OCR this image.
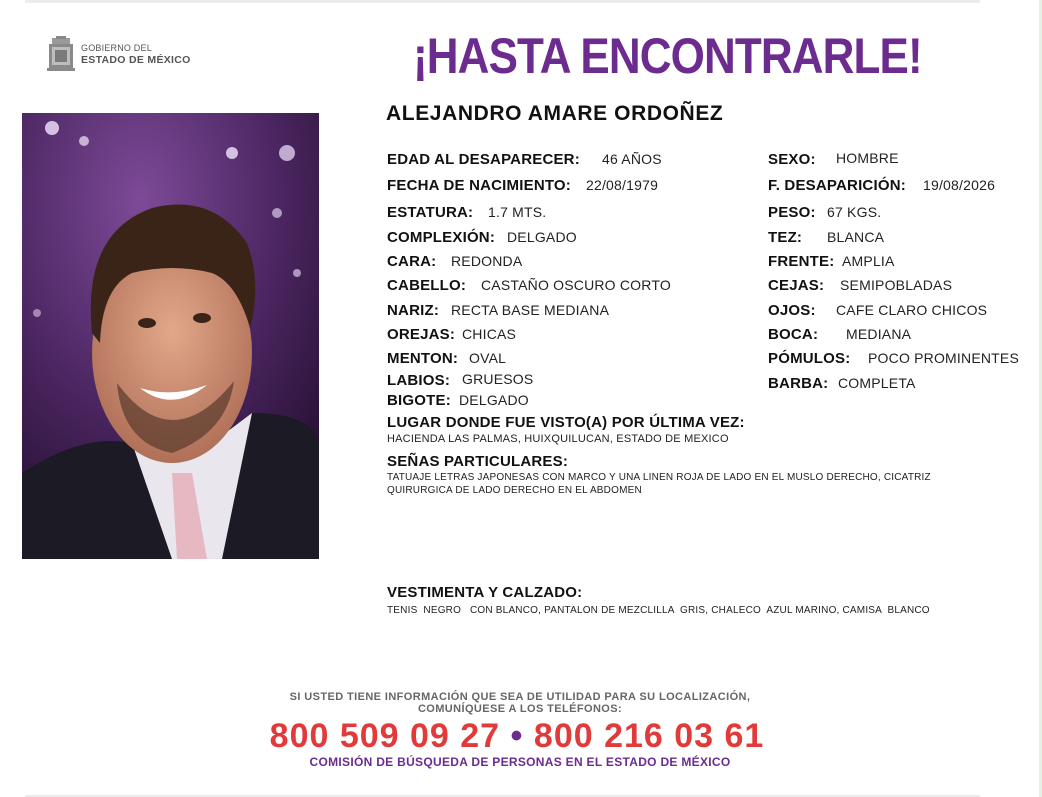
GOBIERNO DEL
ESTADO DE MÉXICO	¡HASTA ENCONTRARLE!
ALEJANDRO AMARE ORDOÑEZ
EDAD AL DESAPARECER: 46 AÑOS
FECHA DE NACIMIENTO: 22/08/1979
ESTATURA: 1.7 MTS.
COMPLEXIÓN: DELGADO
CARA: REDONDA
CABELLO: CASTAÑO OSCURO CORTO
NARIZ: RECTA BASE MEDIANA
OREJAS: CHICAS
MENTON: OVAL
LABIOS: GRUESOS
BIGOTE: DELGADO
SEXO: HOMBRE
F. DESAPARICIÓN: 19/08/2026
PESO: 67 KGS.
TEZ: BLANCA
FRENTE: AMPLIA
CEJAS: SEMIPOBLADAS
OJOS: CAFE CLARO CHICOS
BOCA: MEDIANA
PÓMULOS: POCO PROMINENTES
BARBA: COMPLETA
LUGAR DONDE FUE VISTO(A) POR ÚLTIMA VEZ:
HACIENDA LAS PALMAS, HUIXQUILUCAN, ESTADO DE MEXICO
SEÑAS PARTICULARES:
TATUAJE LETRAS JAPONESAS CON MARCO Y UNA LINEN ROJA DE LADO EN EL MUSLO DERECHO, CICATRIZ QUIRURGICA DE LADO DERECHO EN EL ABDOMEN
VESTIMENTA Y CALZADO:
TENIS  NEGRO   CON BLANCO, PANTALON DE MEZCLILLA  GRIS, CHALECO  AZUL MARINO, CAMISA  BLANCO
SI USTED TIENE INFORMACIÓN QUE SEA DE UTILIDAD PARA SU LOCALIZACIÓN,
COMUNÍQUESE A LOS TELÉFONOS:
800 509 09 27 • 800 216 03 61
COMISIÓN DE BÚSQUEDA DE PERSONAS EN EL ESTADO DE MÉXICO
